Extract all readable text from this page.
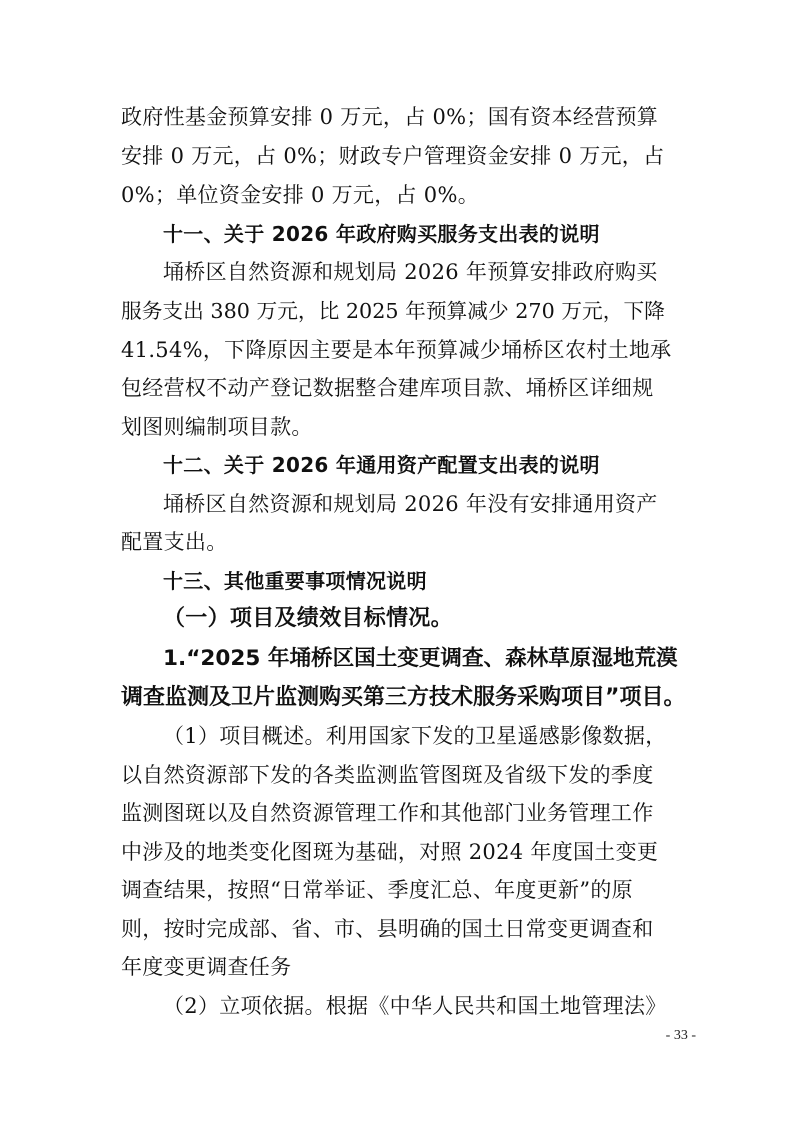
政府性基金预算安排 0 万元，占 0%；国有资本经营预算
安排 0 万元，占 0%；财政专户管理资金安排 0 万元，占
0%；单位资金安排 0 万元，占 0%。
十一、关于 2026 年政府购买服务支出表的说明
埇桥区自然资源和规划局 2026 年预算安排政府购买
服务支出 380 万元，比 2025 年预算减少 270 万元，下降
41.54%，下降原因主要是本年预算减少埇桥区农村土地承
包经营权不动产登记数据整合建库项目款、埇桥区详细规
划图则编制项目款。
十二、关于 2026 年通用资产配置支出表的说明
埇桥区自然资源和规划局 2026 年没有安排通用资产
配置支出。
十三、其他重要事项情况说明
（一）项目及绩效目标情况。
1.“2025 年埇桥区国土变更调查、森林草原湿地荒漠
调查监测及卫片监测购买第三方技术服务采购项目”项目。
（1）项目概述。利用国家下发的卫星遥感影像数据，
以自然资源部下发的各类监测监管图斑及省级下发的季度
监测图斑以及自然资源管理工作和其他部门业务管理工作
中涉及的地类变化图斑为基础，对照 2024 年度国土变更
调查结果，按照“日常举证、季度汇总、年度更新”的原
则，按时完成部、省、市、县明确的国土日常变更调查和
年度变更调查任务
（2）立项依据。根据《中华人民共和国土地管理法》
- 33 -
